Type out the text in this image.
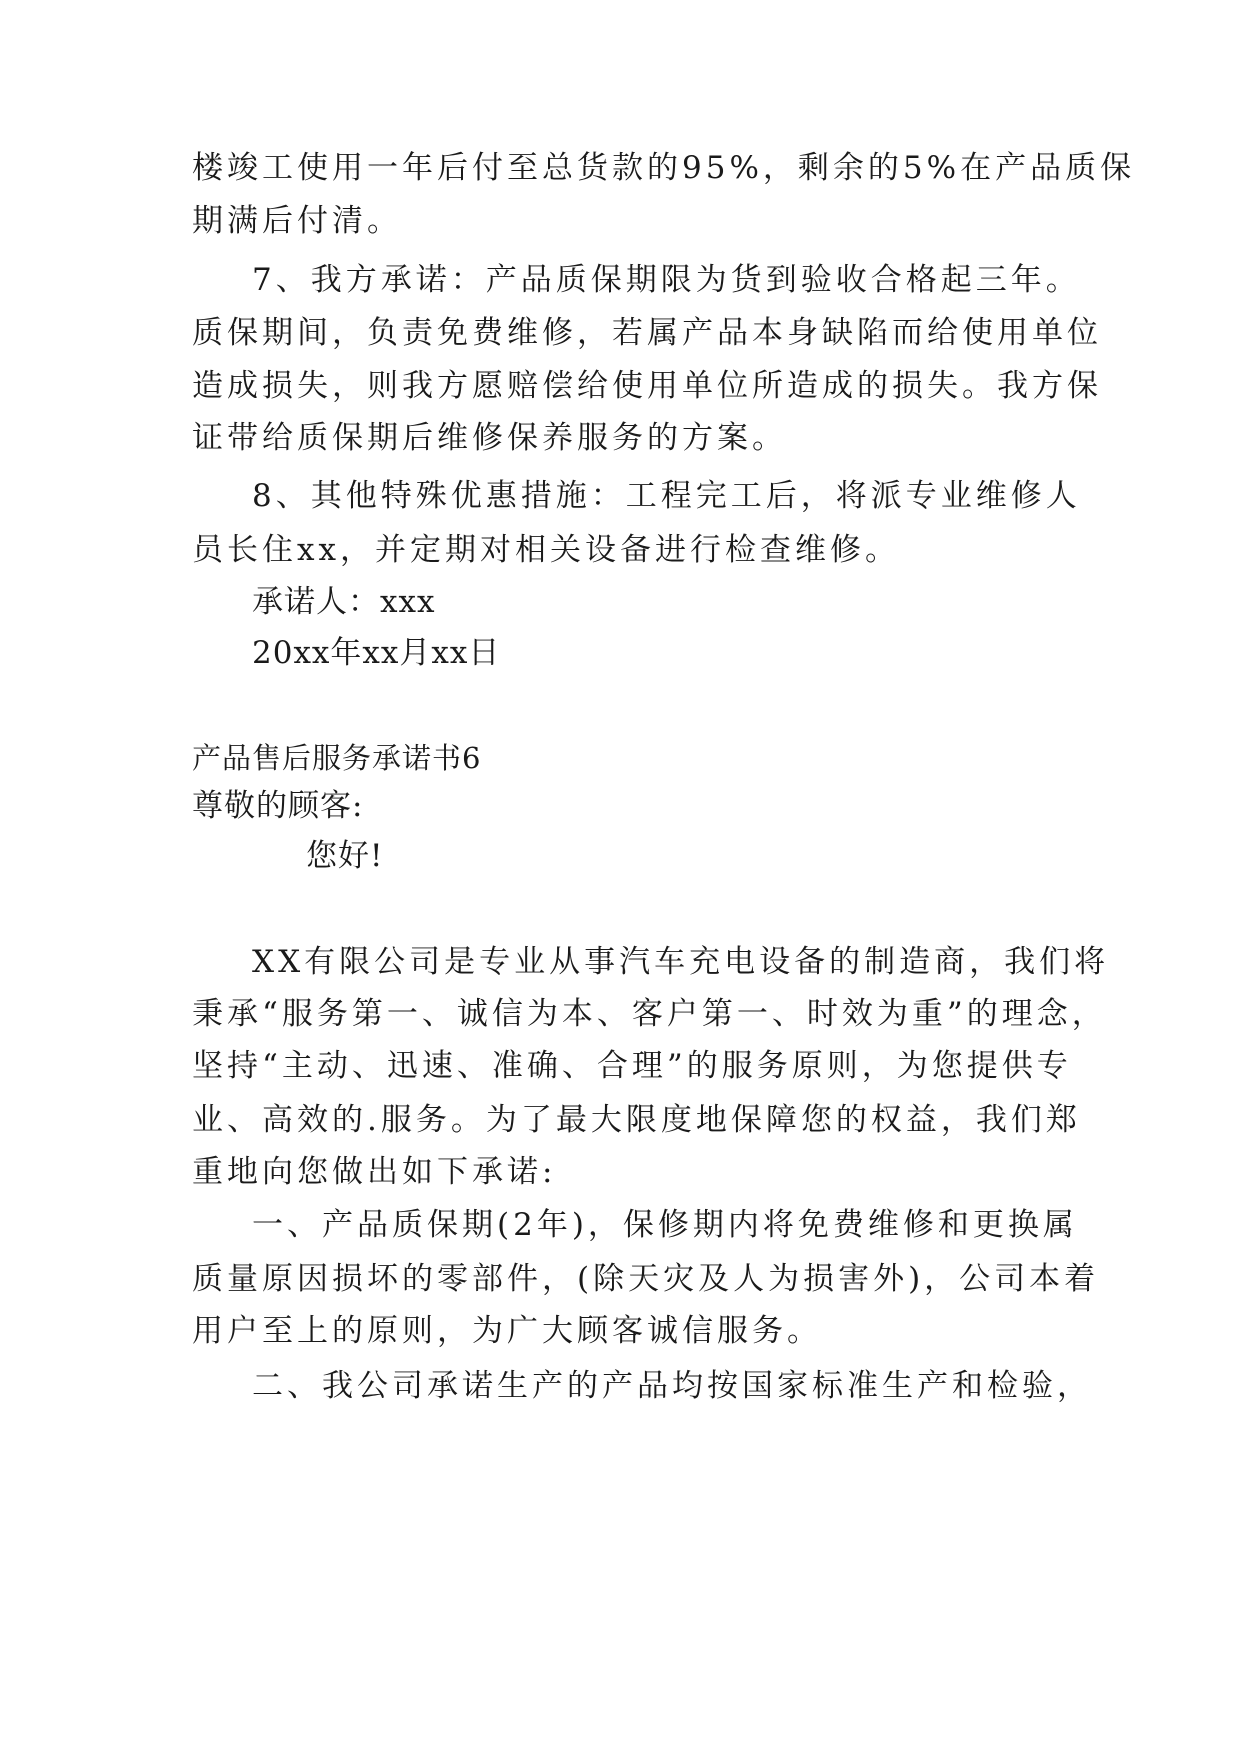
楼竣工使用一年后付至总货款的95%，剩余的5%在产品质保
期满后付清。
7、我方承诺：产品质保期限为货到验收合格起三年。
质保期间，负责免费维修，若属产品本身缺陷而给使用单位
造成损失，则我方愿赔偿给使用单位所造成的损失。我方保
证带给质保期后维修保养服务的方案。
8、其他特殊优惠措施：工程完工后，将派专业维修人
员长住xx，并定期对相关设备进行检查维修。
承诺人：xxx
20xx年xx月xx日
产品售后服务承诺书6
尊敬的顾客:
您好!
XX有限公司是专业从事汽车充电设备的制造商，我们将
秉承“服务第一、诚信为本、客户第一、时效为重”的理念，
坚持“主动、迅速、准确、合理”的服务原则，为您提供专
业、高效的.服务。为了最大限度地保障您的权益，我们郑
重地向您做出如下承诺:
一、产品质保期(2年)，保修期内将免费维修和更换属
质量原因损坏的零部件，(除天灾及人为损害外)，公司本着
用户至上的原则，为广大顾客诚信服务。
二、我公司承诺生产的产品均按国家标准生产和检验，
